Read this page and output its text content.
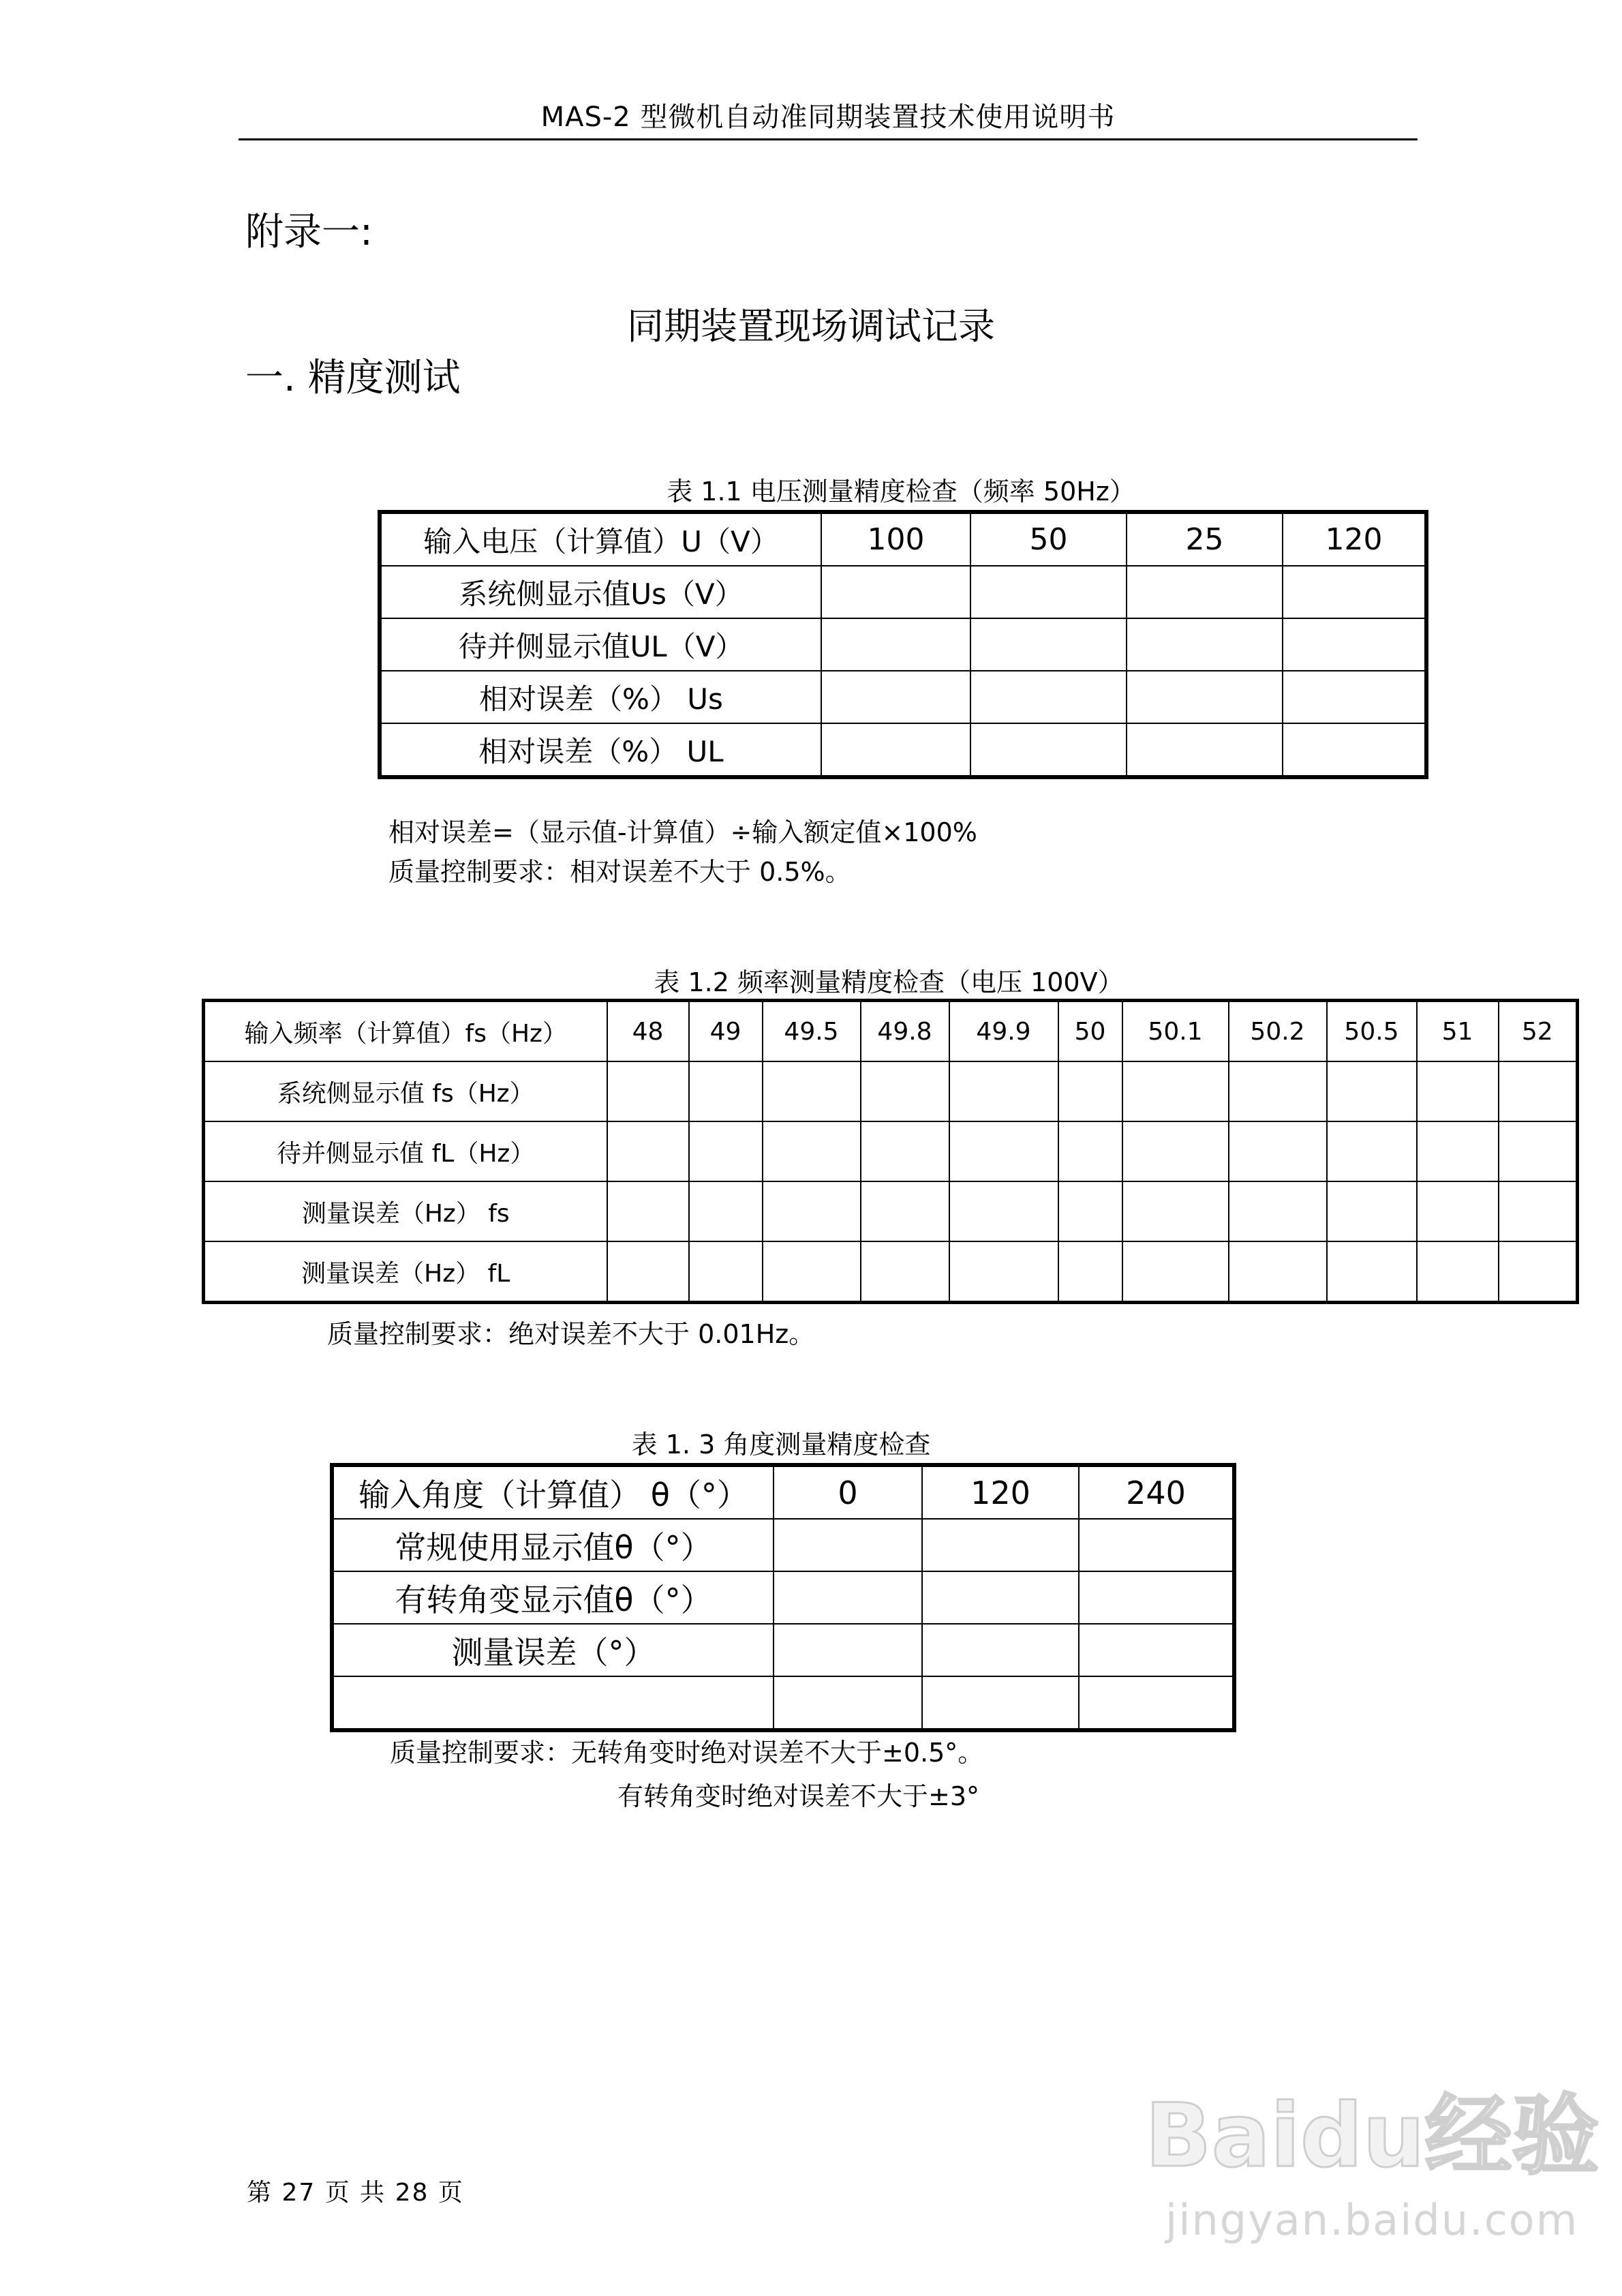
MAS-2 型微机自动准同期装置技术使用说明书
附录一:
同期装置现场调试记录
一. 精度测试
表 1.1 电压测量精度检查（频率 50Hz）
输入电压（计算值）U（V）	100	50	25	120
系统侧显示值Us（V）				
待并侧显示值UL（V）				
相对误差（%） Us				
相对误差（%） UL				
相对误差=（显示值-计算值）÷输入额定值×100%
质量控制要求：相对误差不大于 0.5%。
表 1.2 频率测量精度检查（电压 100V）
输入频率（计算值）fs（Hz）	48	49	49.5	49.8	49.9	50	50.1	50.2	50.5	51	52
系统侧显示值 fs（Hz）											
待并侧显示值 fL（Hz）											
测量误差（Hz） fs											
测量误差（Hz） fL											
质量控制要求：绝对误差不大于 0.01Hz。
表 1. 3 角度测量精度检查
输入角度（计算值） θ（°）	0	120	240
常规使用显示值θ（°）			
有转角变显示值θ（°）			
测量误差（°）			

质量控制要求：无转角变时绝对误差不大于±0.5°。
有转角变时绝对误差不大于±3°
第 27 页 共 28 页
Baidu经验
jingyan.baidu.com
